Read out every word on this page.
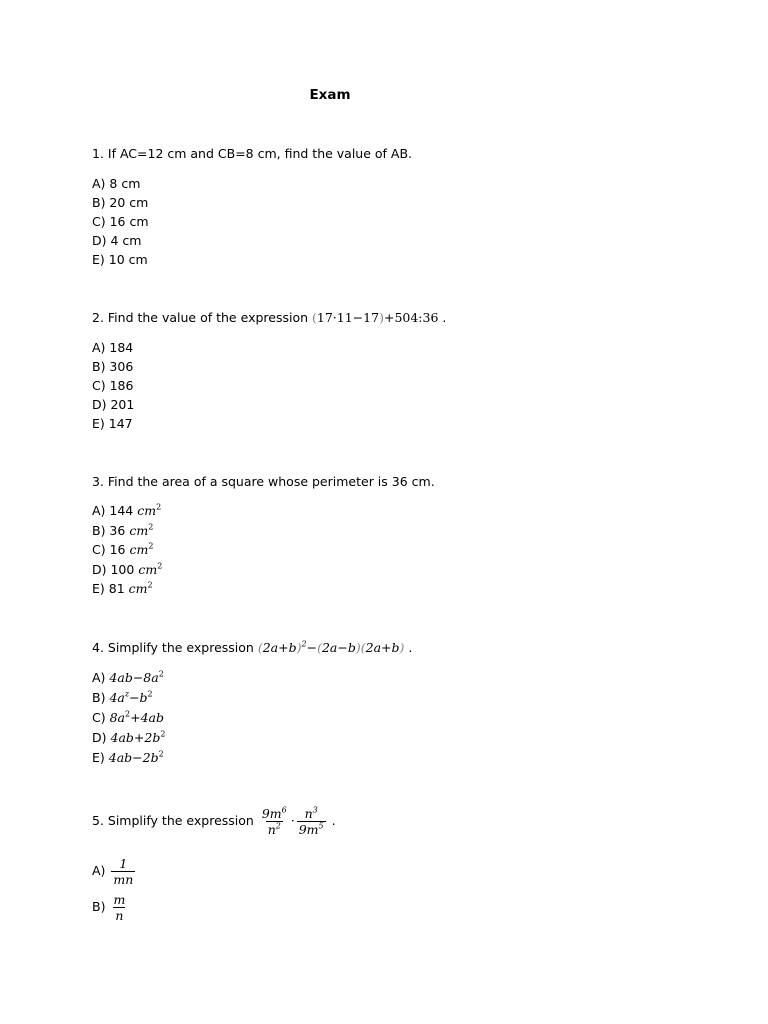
Exam
1. If AC=12 cm and CB=8 cm, find the value of AB.
A) 8 cm
B) 20 cm
C) 16 cm
D) 4 cm
E) 10 cm
2. Find the value of the expression (17·11−17)+504:36 .
A) 184
B) 306
C) 186
D) 201
E) 147
3. Find the area of a square whose perimeter is 36 cm.
A) 144 $cm^2$
B) 36 $cm^2$
C) 16 $cm^2$
D) 100 $cm^2$
E) 81 $cm^2$
4. Simplify the expression $(2a+b)^2-(2a-b)(2a+b)$ .
A) $4ab-8a^2$
B) $4a^z-b^2$
C) $8a^2+4ab$
D) $4ab+2b^2$
E) $4ab-2b^2$
5. Simplify the expression $\frac{9m^6}{n^2} \cdot \frac{n^3}{9m^5}$ .
$A) \frac{1}{mn}$
$B) \frac{m}{n}$
